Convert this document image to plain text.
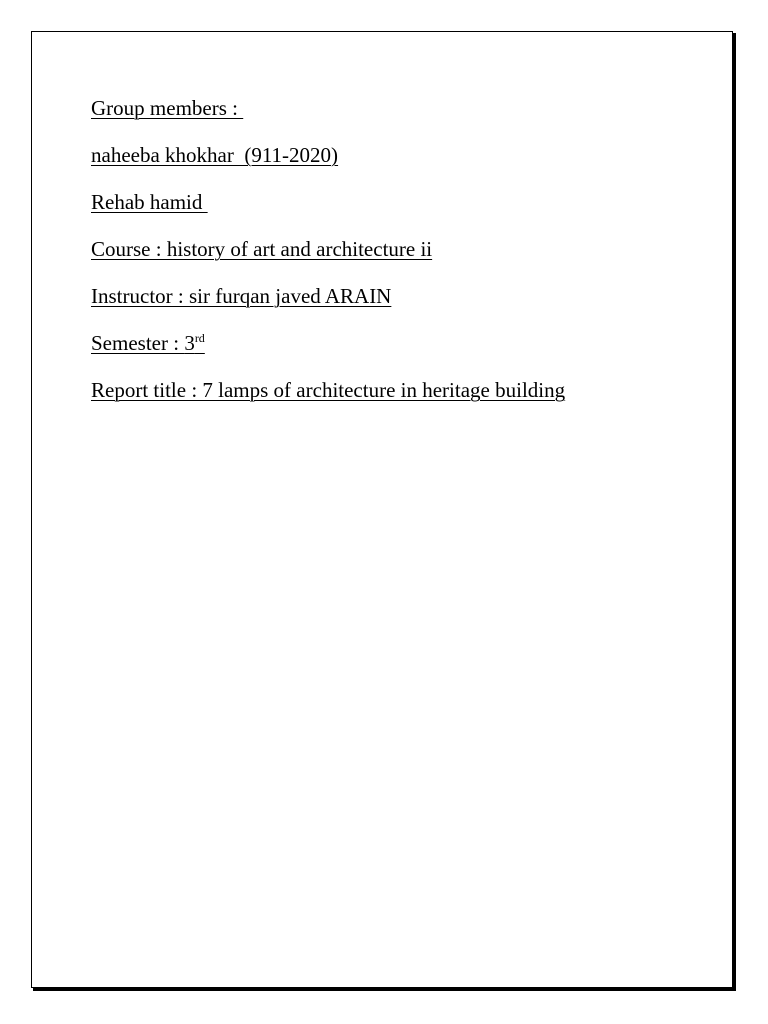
Group members :
naheeba khokhar  (911-2020)
Rehab hamid
Course : history of art and architecture ii
Instructor : sir furqan javed ARAIN
Semester : 3rd
Report title : 7 lamps of architecture in heritage building
